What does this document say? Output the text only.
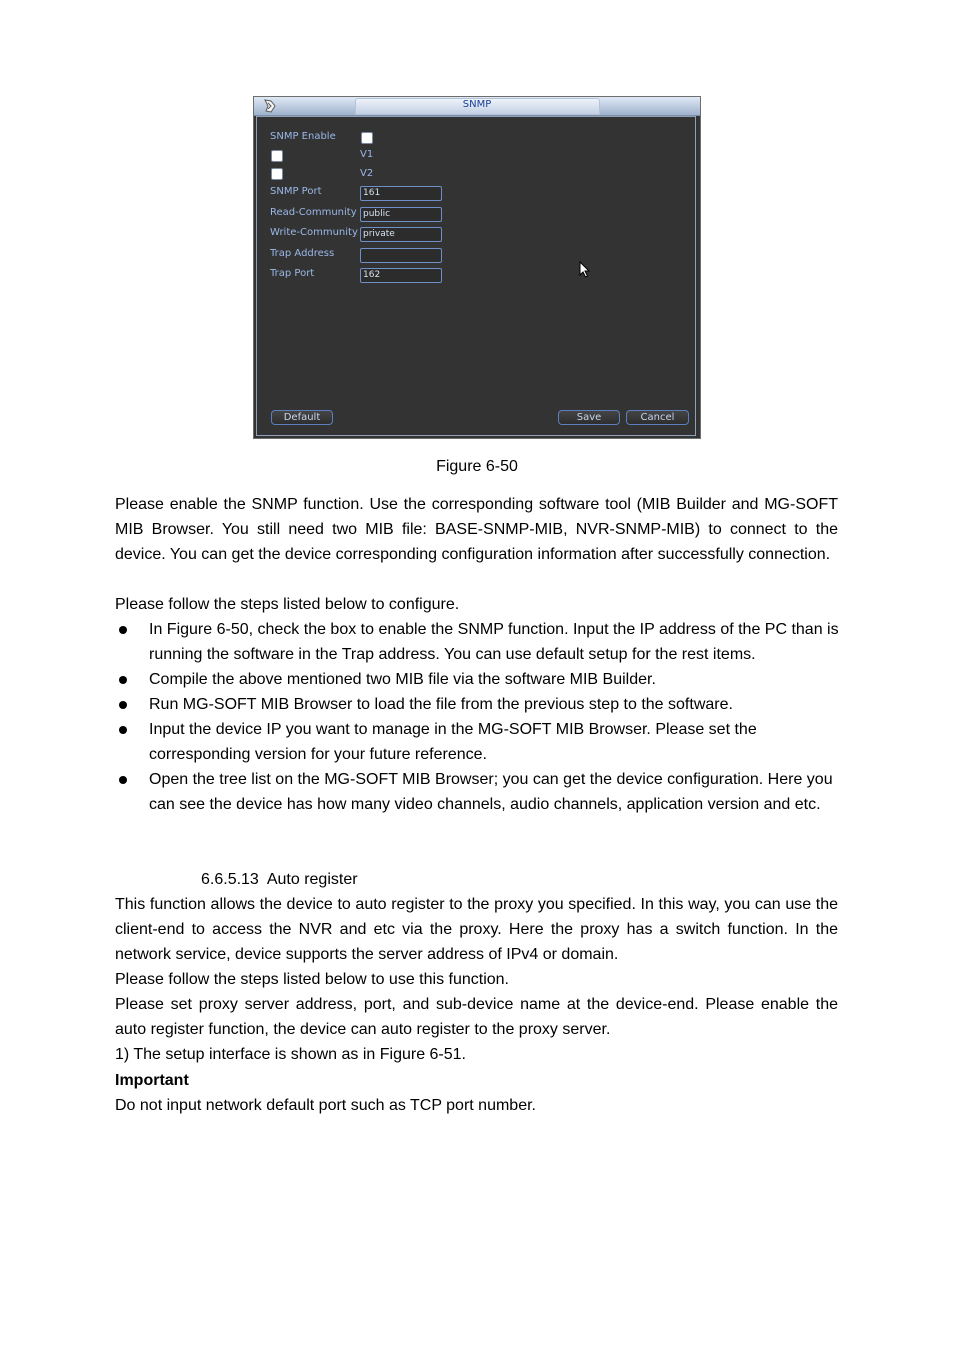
SNMP
SNMP Enable
V1
V2
SNMP Port	161
Read-Community public
Write-Community private
Trap Address
Trap Port	162
Default	Save	Cancel
Figure 6-50

Please enable the SNMP function. Use the corresponding software tool (MIB Builder and MG-SOFT MIB Browser. You still need two MIB file: BASE-SNMP-MIB, NVR-SNMP-MIB) to connect to the device. You can get the device corresponding configuration information after successfully connection.

Please follow the steps listed below to configure.

In Figure 6-50, check the box to enable the SNMP function. Input the IP address of the PC than is running the software in the Trap address. You can use default setup for the rest items.
Compile the above mentioned two MIB file via the software MIB Builder.
Run MG-SOFT MIB Browser to load the file from the previous step to the software.
Input the device IP you want to manage in the MG-SOFT MIB Browser. Please set the corresponding version for your future reference.
Open the tree list on the MG-SOFT MIB Browser; you can get the device configuration. Here you can see the device has how many video channels, audio channels, application version and etc.
6.6.5.13 Auto register

This function allows the device to auto register to the proxy you specified. In this way, you can use the client-end to access the NVR and etc via the proxy. Here the proxy has a switch function. In the network service, device supports the server address of IPv4 or domain.

Please follow the steps listed below to use this function.

Please set proxy server address, port, and sub-device name at the device-end. Please enable the auto register function, the device can auto register to the proxy server.

1) The setup interface is shown as in Figure 6-51.

Important

Do not input network default port such as TCP port number.
